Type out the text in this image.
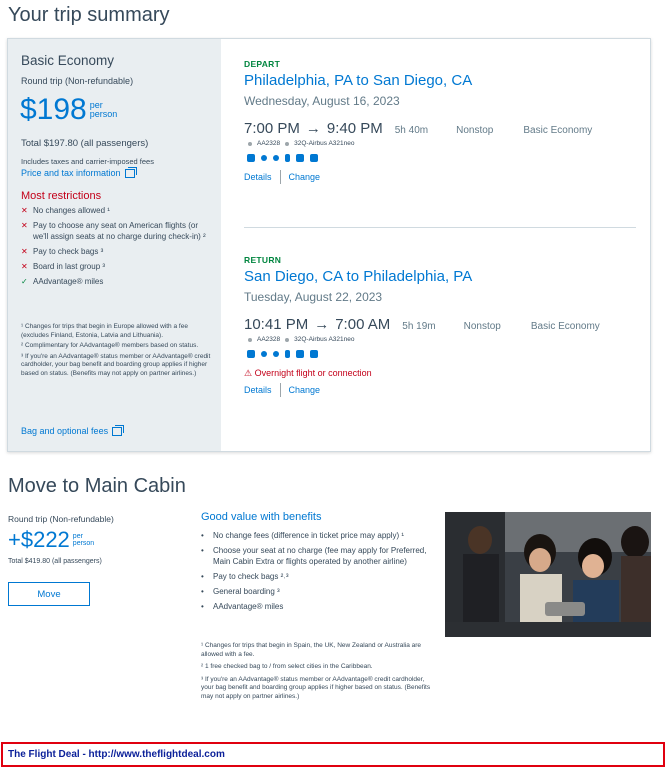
Your trip summary
Basic Economy
Round trip (Non-refundable)
$198 per
person
Total $197.80 (all passengers)
Includes taxes and carrier-imposed fees
Price and tax information
Most restrictions
✕ No changes allowed ¹
✕ Pay to choose any seat on American flights (or we'll assign seats at no charge during check-in) ²
✕ Pay to check bags ³
✕ Board in last group ³
✓ AAdvantage® miles

¹ Changes for trips that begin in Europe allowed with a fee (excludes Finland, Estonia, Latvia and Lithuania).

² Complimentary for AAdvantage® members based on status.

³ If you're an AAdvantage® status member or AAdvantage® credit cardholder, your bag benefit and boarding group applies if higher based on status. (Benefits may not apply on partner airlines.)

Bag and optional fees
DEPART
Philadelphia, PA to San Diego, CA
Wednesday, August 16, 2023
7:00 PM → 9:40 PM 5h 40m	Nonstop	Basic Economy
AA2328 32Q-Airbus A321neo
Details Change
RETURN
San Diego, CA to Philadelphia, PA
Tuesday, August 22, 2023
10:41 PM → 7:00 AM 5h 19m	Nonstop	Basic Economy
AA2328 32Q-Airbus A321neo
⚠ Overnight flight or connection
Details Change
Move to Main Cabin
Round trip (Non-refundable)
+$222 per
person
Total $419.80 (all passengers)
Move
Good value with benefits
•	No change fees (difference in ticket price may apply) ¹
•	Choose your seat at no charge (fee may apply for Preferred, Main Cabin Extra or flights operated by another airline)
•	Pay to check bags ²˒³
•	General boarding ³
•	AAdvantage® miles

¹ Changes for trips that begin in Spain, the UK, New Zealand or Australia are allowed with a fee.

² 1 free checked bag to / from select cities in the Caribbean.

³ If you're an AAdvantage® status member or AAdvantage® credit cardholder, your bag benefit and boarding group applies if higher based on status. (Benefits may not apply on partner airlines.)

The Flight Deal - http://www.theflightdeal.com
